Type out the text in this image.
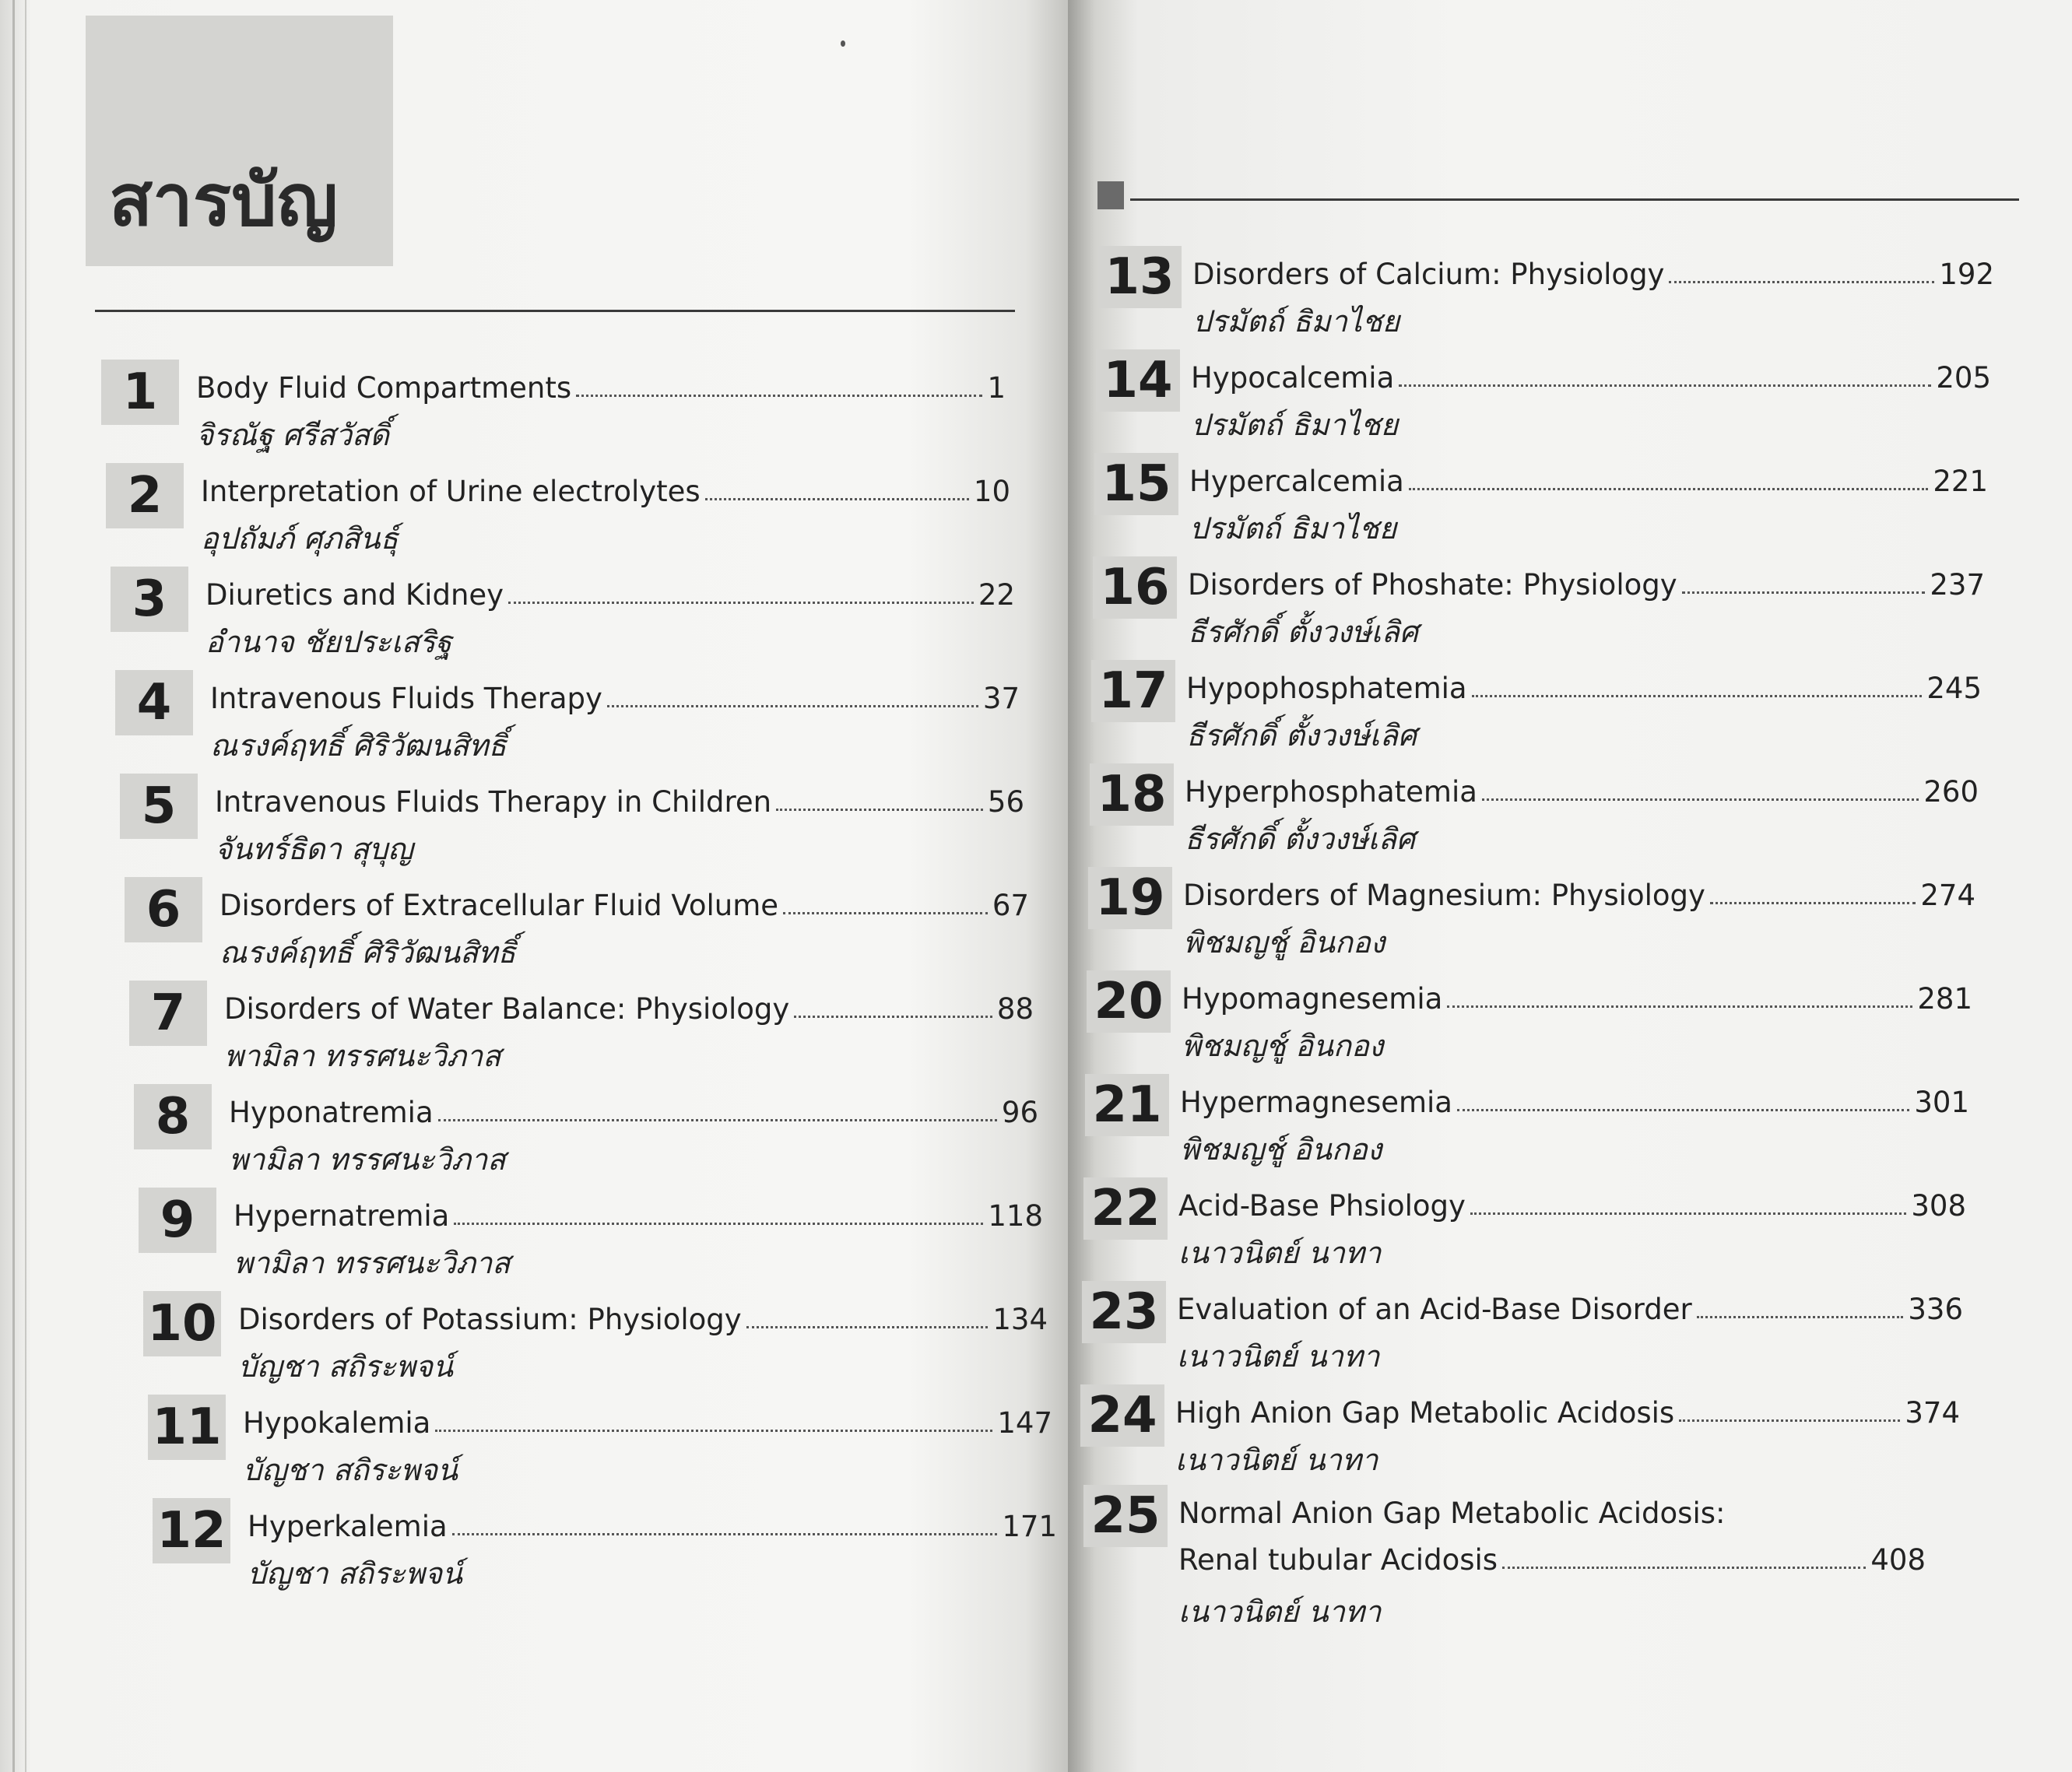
สารบัญ
1	Body Fluid Compartments	1
จิรณัฐ ศรีสวัสดิ์
2	Interpretation of Urine electrolytes	10
อุปถัมภ์ ศุภสินธุ์
3	Diuretics and Kidney	22
อำนาจ ชัยประเสริฐ
4	Intravenous Fluids Therapy	37
ณรงค์ฤทธิ์ ศิริวัฒนสิทธิ์
5	Intravenous Fluids Therapy in Children	56
จันทร์ธิดา สุบุญ
6	Disorders of Extracellular Fluid Volume	67
ณรงค์ฤทธิ์ ศิริวัฒนสิทธิ์
7	Disorders of Water Balance: Physiology	88
พามิลา ทรรศนะวิภาส
8	Hyponatremia	96
พามิลา ทรรศนะวิภาส
9	Hypernatremia	118
พามิลา ทรรศนะวิภาส
10 Disorders of Potassium: Physiology	134
บัญชา สถิระพจน์
11 Hypokalemia	147
บัญชา สถิระพจน์
12 Hyperkalemia	171
บัญชา สถิระพจน์
13 Disorders of Calcium: Physiology	192
ปรมัตถ์ ธิมาไชย
14 Hypocalcemia	205
ปรมัตถ์ ธิมาไชย
15 Hypercalcemia	221
ปรมัตถ์ ธิมาไชย
16 Disorders of Phoshate: Physiology	237
ธีรศักดิ์ ตั้งวงษ์เลิศ
17 Hypophosphatemia	245
ธีรศักดิ์ ตั้งวงษ์เลิศ
18 Hyperphosphatemia	260
ธีรศักดิ์ ตั้งวงษ์เลิศ
19 Disorders of Magnesium: Physiology	274
พิชมญชู์ อินกอง
20 Hypomagnesemia	281
พิชมญชู์ อินกอง
21 Hypermagnesemia	301
พิชมญชู์ อินกอง
22 Acid-Base Phsiology	308
เนาวนิตย์ นาทา
23 Evaluation of an Acid-Base Disorder	336
เนาวนิตย์ นาทา
24 High Anion Gap Metabolic Acidosis	374
เนาวนิตย์ นาทา
25 Normal Anion Gap Metabolic Acidosis:
Renal tubular Acidosis	408
เนาวนิตย์ นาทา
